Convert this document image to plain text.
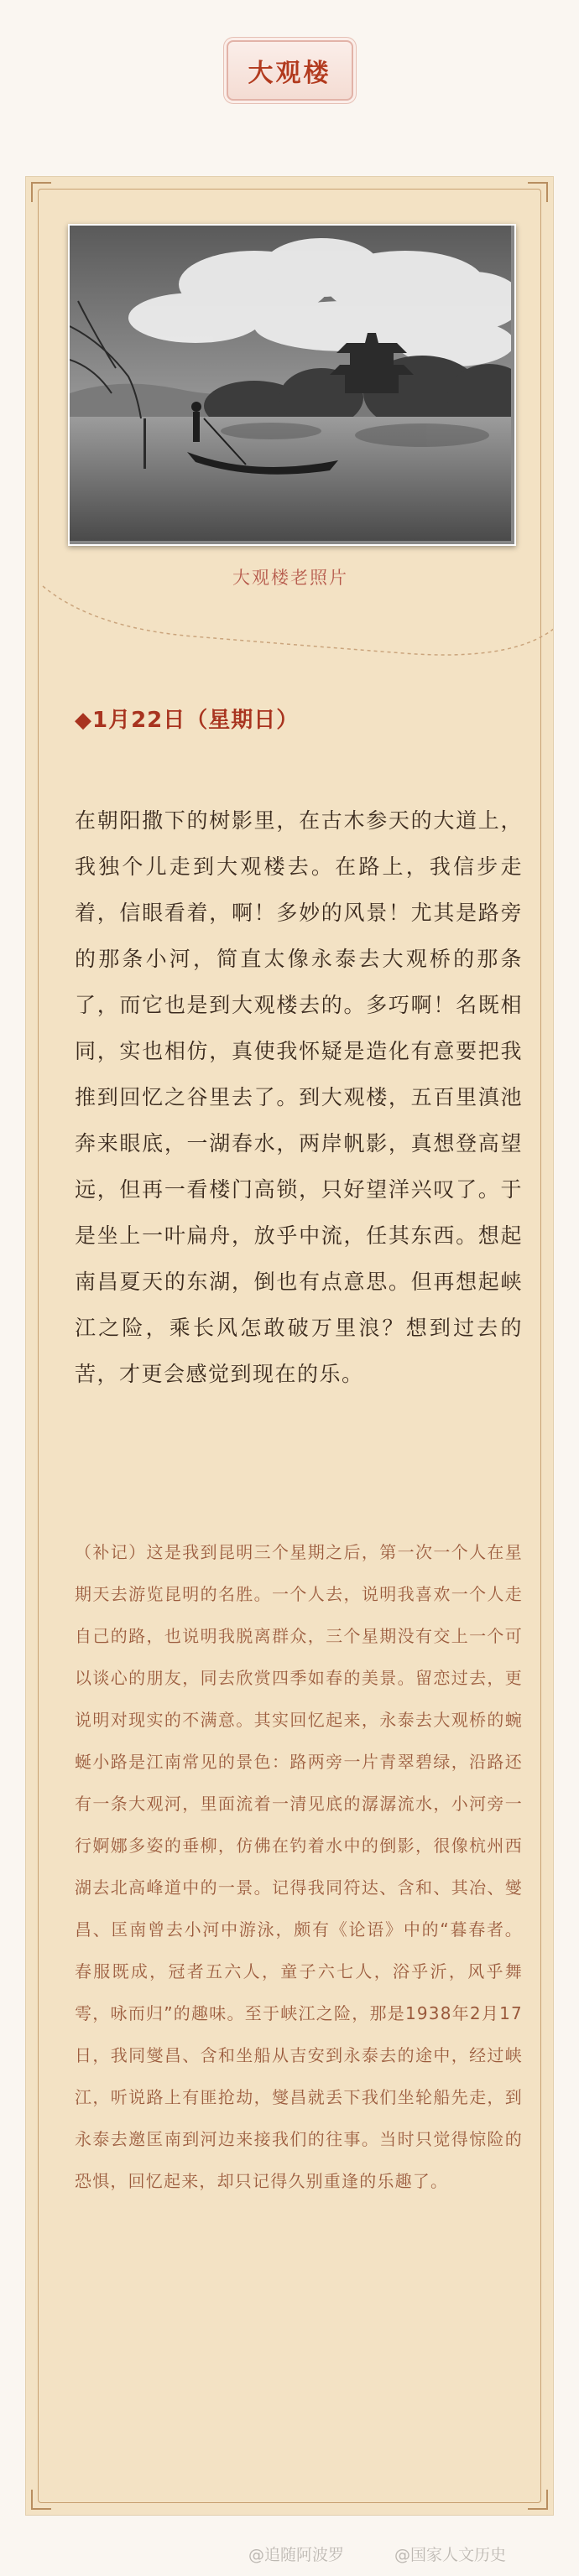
大观楼
大观楼老照片
◆1月22日（星期日）

在朝阳撒下的树影里，在古木参天的大道上，我独个儿走到大观楼去。在路上，我信步走着，信眼看着，啊！多妙的风景！尤其是路旁的那条小河，简直太像永泰去大观桥的那条了，而它也是到大观楼去的。多巧啊！名既相同，实也相仿，真使我怀疑是造化有意要把我推到回忆之谷里去了。到大观楼，五百里滇池奔来眼底，一湖春水，两岸帆影，真想登高望远，但再一看楼门高锁，只好望洋兴叹了。于是坐上一叶扁舟，放乎中流，任其东西。想起南昌夏天的东湖，倒也有点意思。但再想起峡江之险，乘长风怎敢破万里浪？想到过去的苦，才更会感觉到现在的乐。

（补记）这是我到昆明三个星期之后，第一次一个人在星期天去游览昆明的名胜。一个人去，说明我喜欢一个人走自己的路，也说明我脱离群众，三个星期没有交上一个可以谈心的朋友，同去欣赏四季如春的美景。留恋过去，更说明对现实的不满意。其实回忆起来，永泰去大观桥的蜿蜒小路是江南常见的景色：路两旁一片青翠碧绿，沿路还有一条大观河，里面流着一清见底的潺潺流水，小河旁一行婀娜多姿的垂柳，仿佛在钓着水中的倒影，很像杭州西湖去北高峰道中的一景。记得我同符达、含和、其冶、燮昌、匡南曾去小河中游泳，颇有《论语》中的“暮春者。春服既成，冠者五六人，童子六七人，浴乎沂，风乎舞雩，咏而归”的趣味。至于峡江之险，那是1938年2月17日，我同燮昌、含和坐船从吉安到永泰去的途中，经过峡江，听说路上有匪抢劫，燮昌就丢下我们坐轮船先走，到永泰去邀匡南到河边来接我们的往事。当时只觉得惊险的恐惧，回忆起来，却只记得久别重逢的乐趣了。

@追随阿波罗	@国家人文历史
